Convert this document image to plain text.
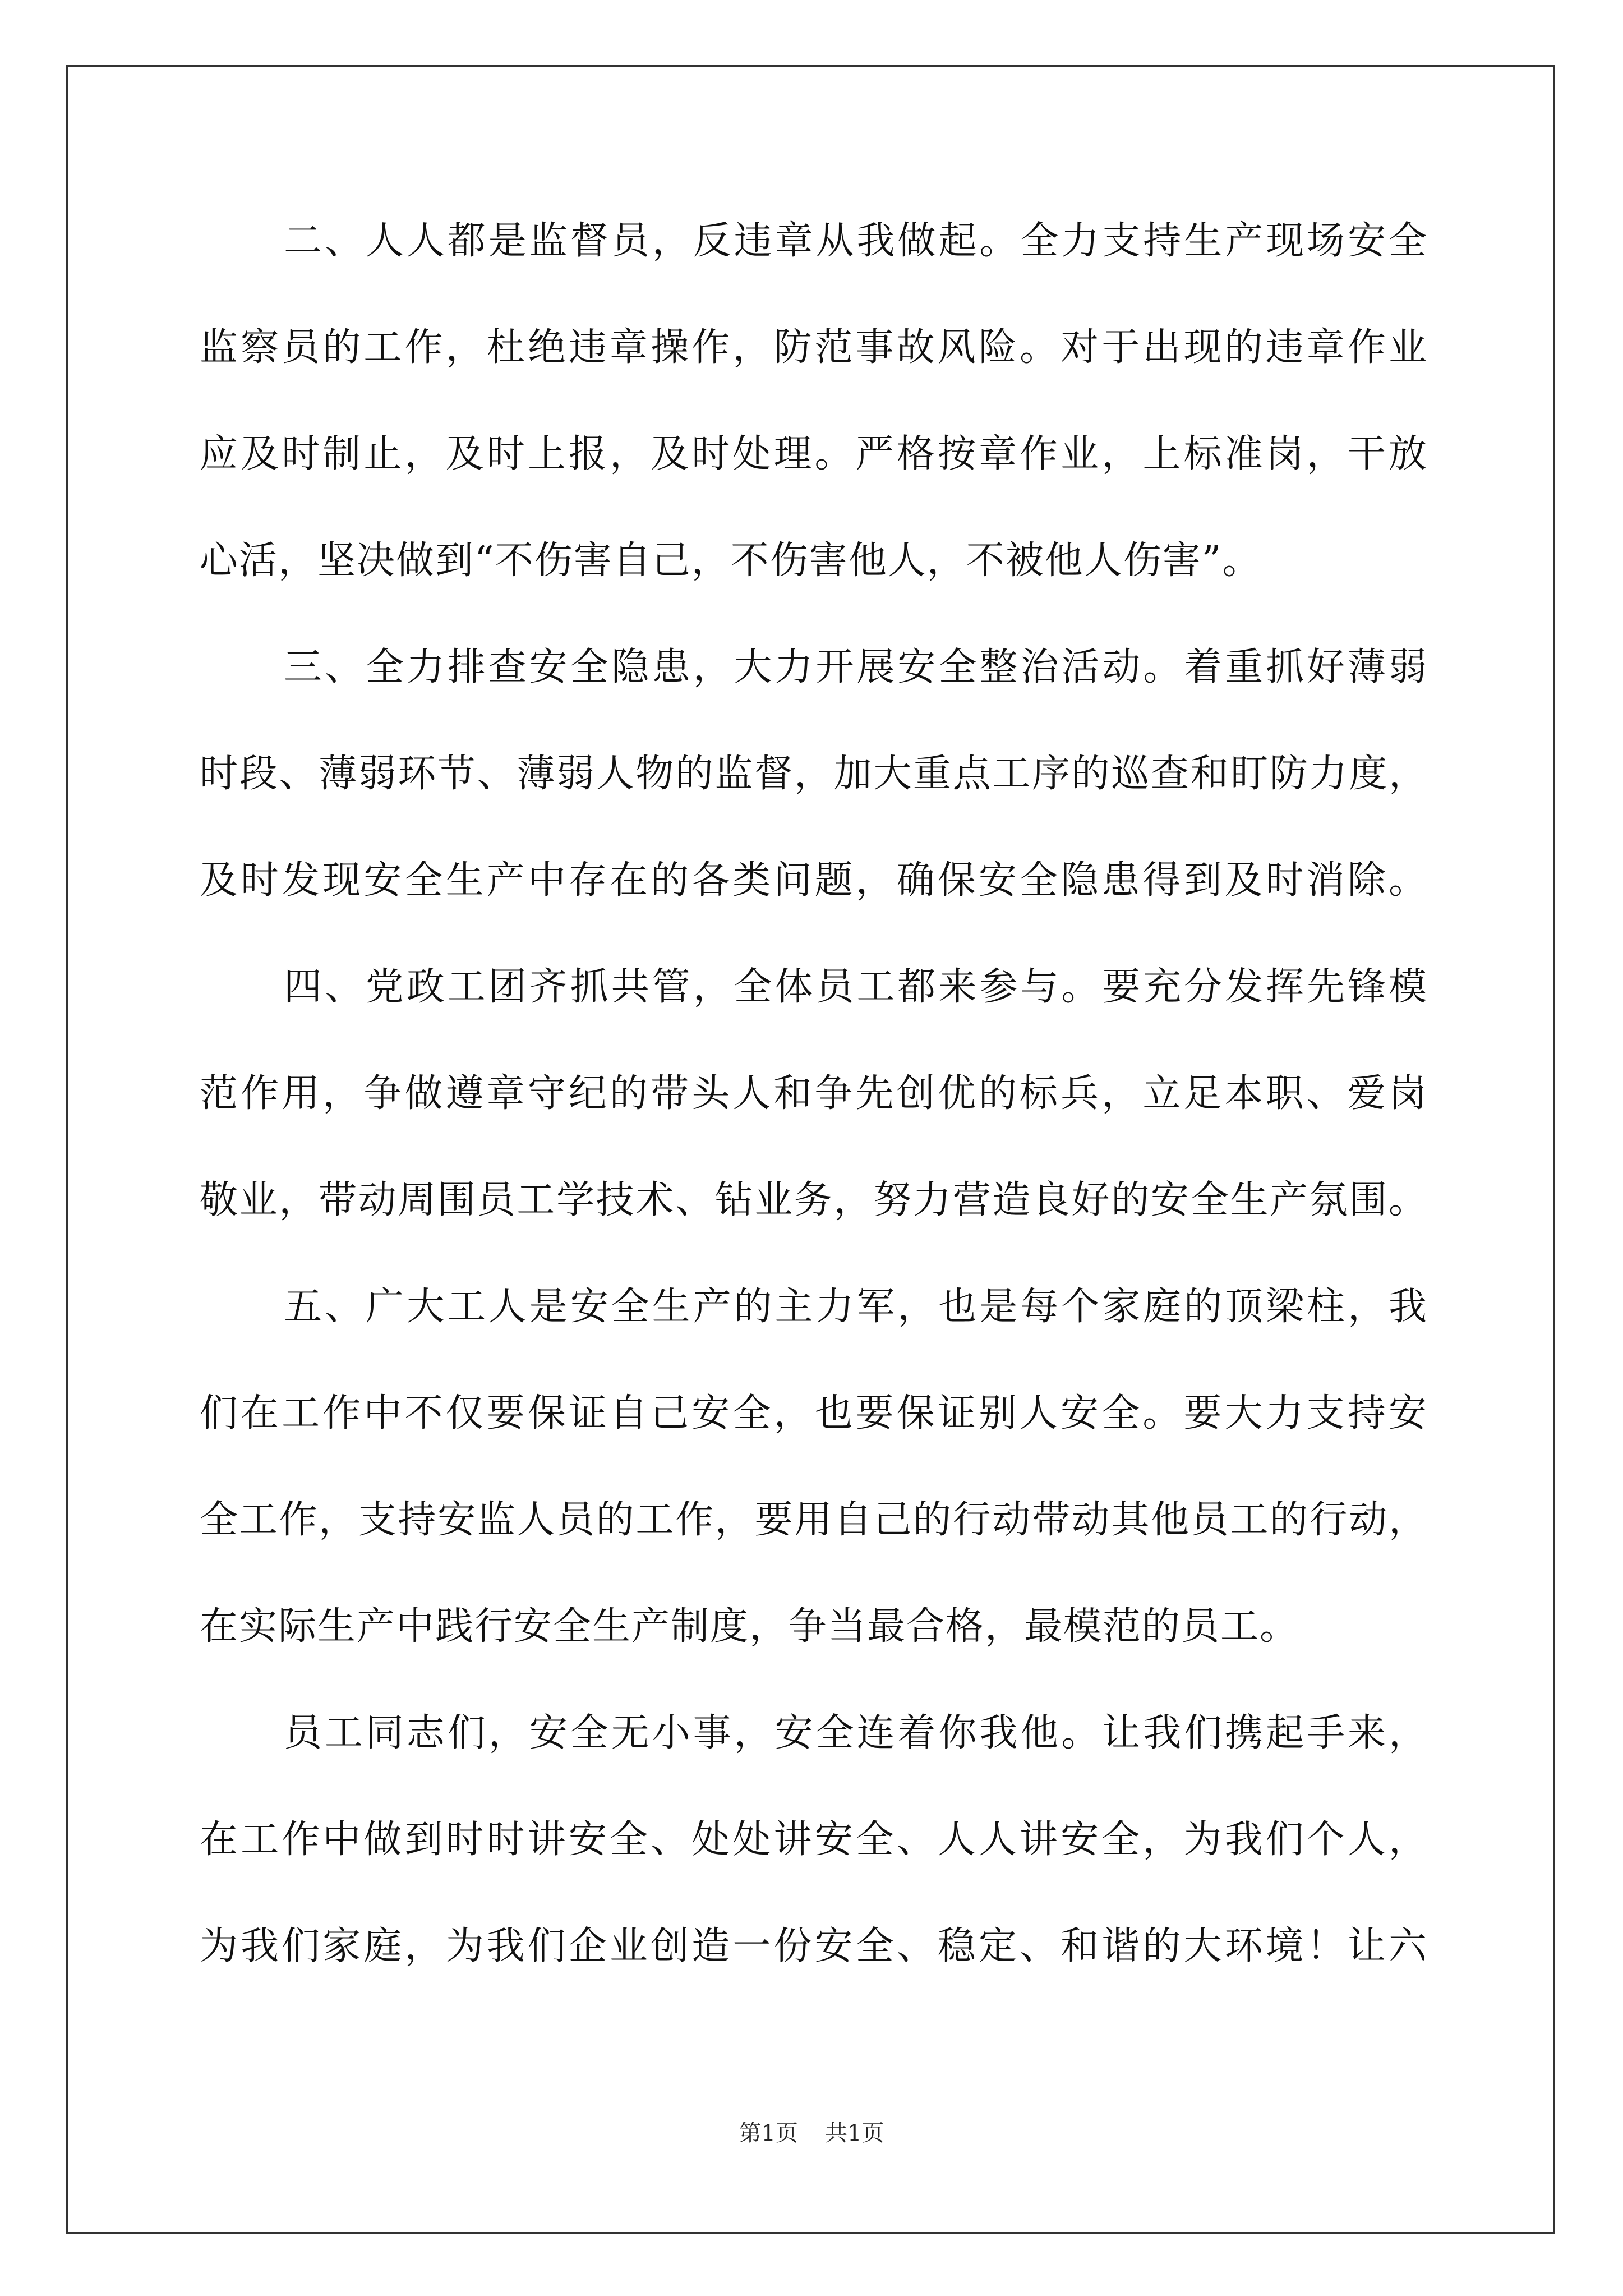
二、人人都是监督员，反违章从我做起。全力支持生产现场安全
监察员的工作，杜绝违章操作，防范事故风险。对于出现的违章作业
应及时制止，及时上报，及时处理。严格按章作业，上标准岗，干放
心活，坚决做到“不伤害自己，不伤害他人，不被他人伤害”。
三、全力排查安全隐患，大力开展安全整治活动。着重抓好薄弱
时段、薄弱环节、薄弱人物的监督，加大重点工序的巡查和盯防力度，
及时发现安全生产中存在的各类问题，确保安全隐患得到及时消除。
四、党政工团齐抓共管，全体员工都来参与。要充分发挥先锋模
范作用，争做遵章守纪的带头人和争先创优的标兵，立足本职、爱岗
敬业，带动周围员工学技术、钻业务，努力营造良好的安全生产氛围。
五、广大工人是安全生产的主力军，也是每个家庭的顶梁柱，我
们在工作中不仅要保证自己安全，也要保证别人安全。要大力支持安
全工作，支持安监人员的工作，要用自己的行动带动其他员工的行动，
在实际生产中践行安全生产制度，争当最合格，最模范的员工。
员工同志们，安全无小事，安全连着你我他。让我们携起手来，
在工作中做到时时讲安全、处处讲安全、人人讲安全，为我们个人，
为我们家庭，为我们企业创造一份安全、稳定、和谐的大环境！让六
第1页 共1页
